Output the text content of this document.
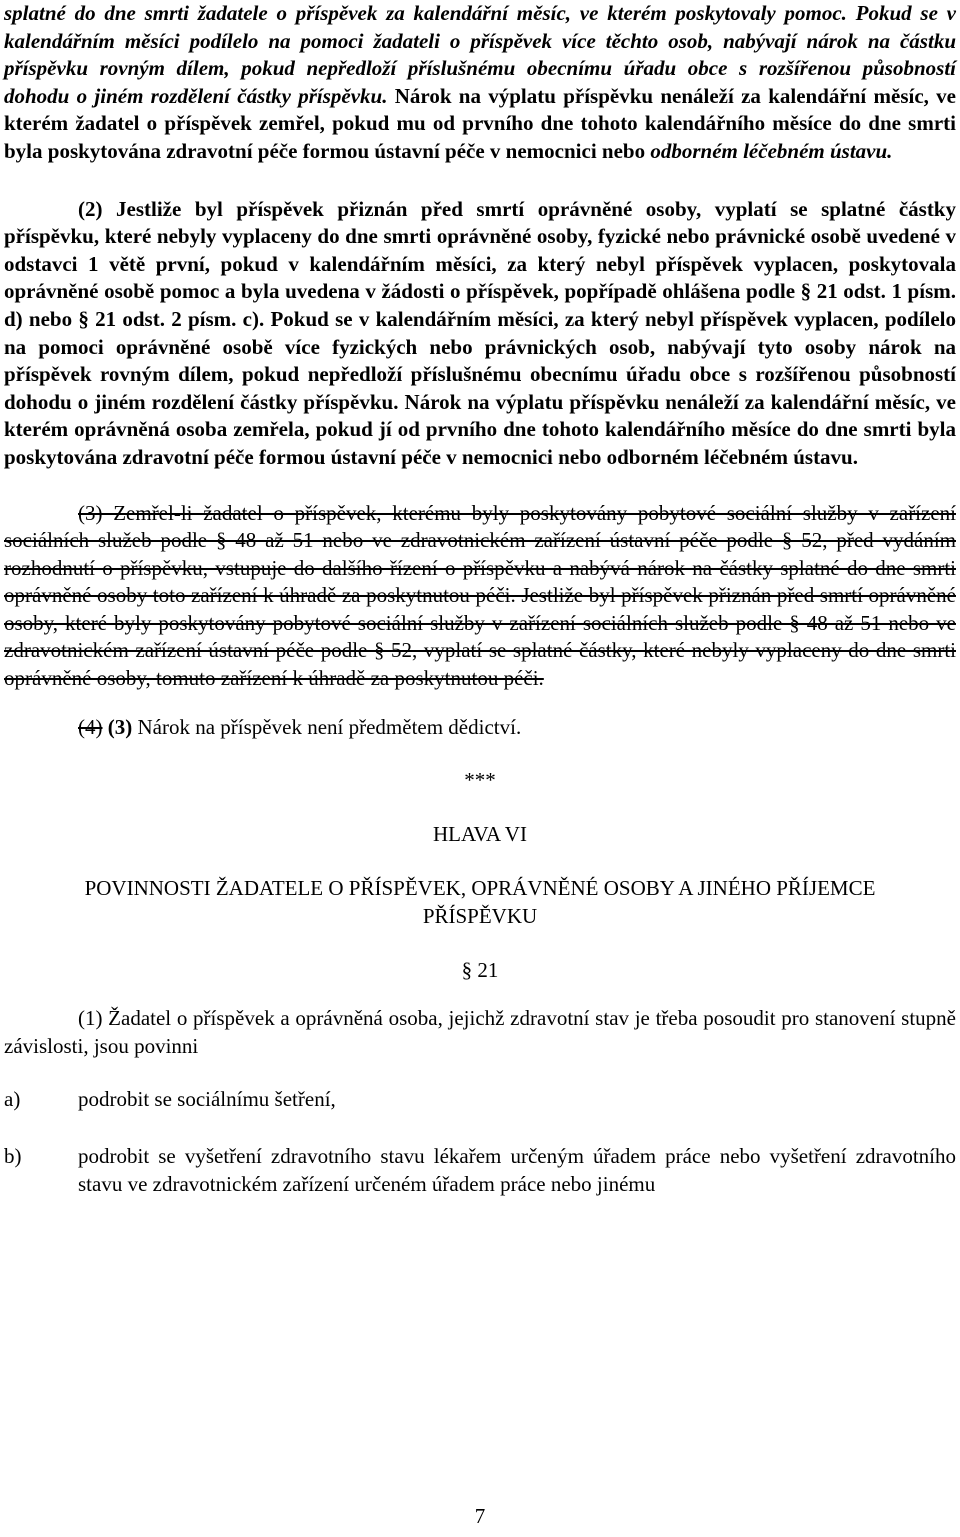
splatné do dne smrti žadatele o příspěvek za kalendářní měsíc, ve kterém poskytovaly pomoc. Pokud se v kalendářním měsíci podílelo na pomoci žadateli o příspěvek více těchto osob, nabývají nárok na částku příspěvku rovným dílem, pokud nepředloží příslušnému obecnímu úřadu obce s rozšířenou působností dohodu o jiném rozdělení částky příspěvku. Nárok na výplatu příspěvku nenáleží za kalendářní měsíc, ve kterém žadatel o příspěvek zemřel, pokud mu od prvního dne tohoto kalendářního měsíce do dne smrti byla poskytována zdravotní péče formou ústavní péče v nemocnici nebo odborném léčebném ústavu.

(2) Jestliže byl příspěvek přiznán před smrtí oprávněné osoby, vyplatí se splatné částky příspěvku, které nebyly vyplaceny do dne smrti oprávněné osoby, fyzické nebo právnické osobě uvedené v odstavci 1 větě první, pokud v kalendářním měsíci, za který nebyl příspěvek vyplacen, poskytovala oprávněné osobě pomoc a byla uvedena v žádosti o příspěvek, popřípadě ohlášena podle § 21 odst. 1 písm. d) nebo § 21 odst. 2 písm. c). Pokud se v kalendářním měsíci, za který nebyl příspěvek vyplacen, podílelo na pomoci oprávněné osobě více fyzických nebo právnických osob, nabývají tyto osoby nárok na příspěvek rovným dílem, pokud nepředloží příslušnému obecnímu úřadu obce s rozšířenou působností dohodu o jiném rozdělení částky příspěvku. Nárok na výplatu příspěvku nenáleží za kalendářní měsíc, ve kterém oprávněná osoba zemřela, pokud jí od prvního dne tohoto kalendářního měsíce do dne smrti byla poskytována zdravotní péče formou ústavní péče v nemocnici nebo odborném léčebném ústavu.

(3) Zemřel-li žadatel o příspěvek, kterému byly poskytovány pobytové sociální služby v zařízení sociálních služeb podle § 48 až 51 nebo ve zdravotnickém zařízení ústavní péče podle § 52, před vydáním rozhodnutí o příspěvku, vstupuje do dalšího řízení o příspěvku a nabývá nárok na částky splatné do dne smrti oprávněné osoby toto zařízení k úhradě za poskytnutou péči. Jestliže byl příspěvek přiznán před smrtí oprávněné osoby, které byly poskytovány pobytové sociální služby v zařízení sociálních služeb podle § 48 až 51 nebo ve zdravotnickém zařízení ústavní péče podle § 52, vyplatí se splatné částky, které nebyly vyplaceny do dne smrti oprávněné osoby, tomuto zařízení k úhradě za poskytnutou péči.

(4) (3) Nárok na příspěvek není předmětem dědictví.

***

HLAVA VI

POVINNOSTI ŽADATELE O PŘÍSPĚVEK, OPRÁVNĚNÉ OSOBY A JINÉHO PŘÍJEMCE PŘÍSPĚVKU

§ 21

(1) Žadatel o příspěvek a oprávněná osoba, jejichž zdravotní stav je třeba posoudit pro stanovení stupně závislosti, jsou povinni

a)	podrobit se sociálnímu šetření,
b)	podrobit se vyšetření zdravotního stavu lékařem určeným úřadem práce nebo vyšetření zdravotního stavu ve zdravotnickém zařízení určeném úřadem práce nebo jinému
7
